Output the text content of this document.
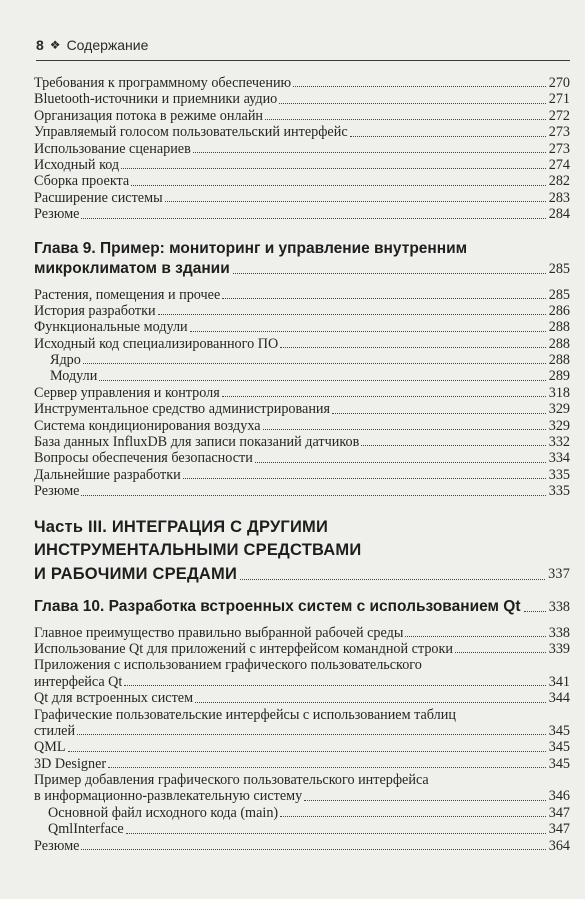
8 ❖ Содержание
Требования к программному обеспечению	270
Bluetooth-источники и приемники аудио	271
Организация потока в режиме онлайн	272
Управляемый голосом пользовательский интерфейс	273
Использование сценариев	273
Исходный код	274
Сборка проекта	282
Расширение системы	283
Резюме	284
Глава 9. Пример: мониторинг и управление внутренним
микроклиматом в здании	285
Растения, помещения и прочее	285
История разработки	286
Функциональные модули	288
Исходный код специализированного ПО	288
Ядро	288
Модули	289
Сервер управления и контроля	318
Инструментальное средство администрирования	329
Система кондиционирования воздуха	329
База данных InfluxDB для записи показаний датчиков	332
Вопросы обеспечения безопасности	334
Дальнейшие разработки	335
Резюме	335
Часть III. ИНТЕГРАЦИЯ С ДРУГИМИ
ИНСТРУМЕНТАЛЬНЫМИ СРЕДСТВАМИ
И РАБОЧИМИ СРЕДАМИ	337
Глава 10. Разработка встроенных систем с использованием Qt 338
Главное преимущество правильно выбранной рабочей среды	338
Использование Qt для приложений с интерфейсом командной строки	339
Приложения с использованием графического пользовательского
интерфейса Qt	341
Qt для встроенных систем	344
Графические пользовательские интерфейсы с использованием таблиц
стилей	345
QML	345
3D Designer	345
Пример добавления графического пользовательского интерфейса
в информационно-развлекательную систему	346
Основной файл исходного кода (main)	347
QmlInterface	347
Резюме	364
